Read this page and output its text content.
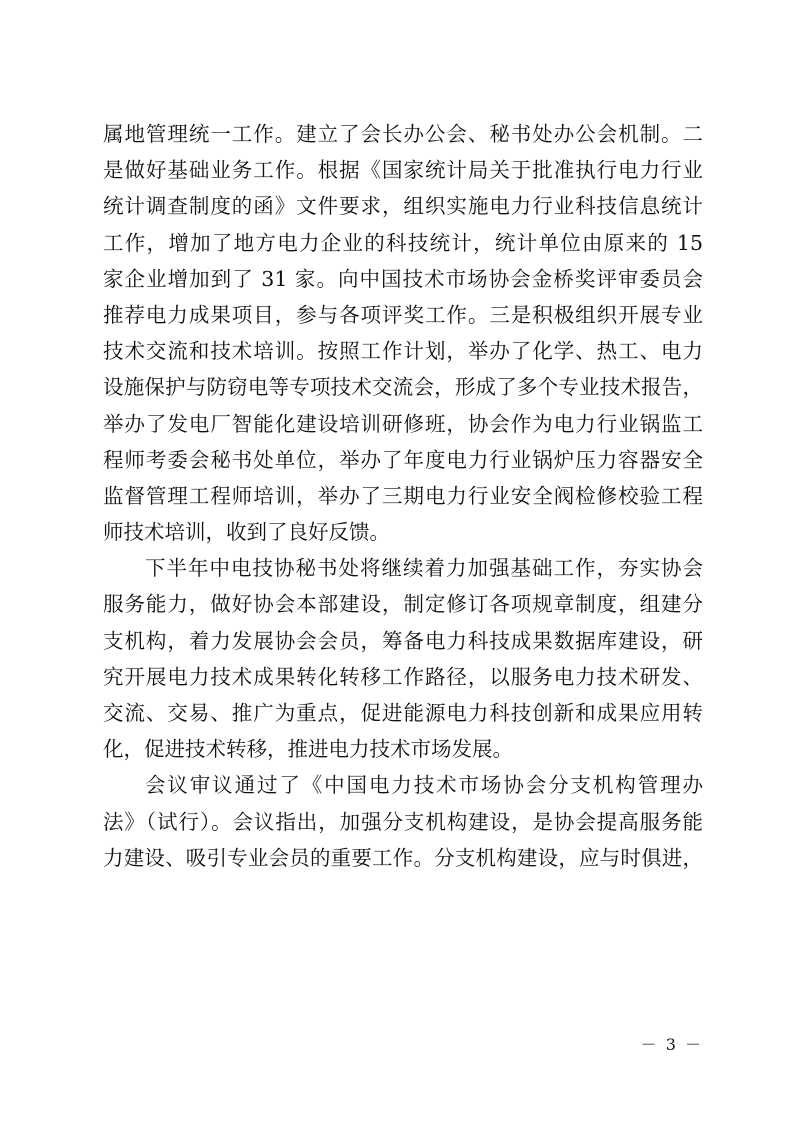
属地管理统一工作。建立了会长办公会、秘书处办公会机制。二
是做好基础业务工作。根据《国家统计局关于批准执行电力行业
统计调查制度的函》文件要求，组织实施电力行业科技信息统计
工作，增加了地方电力企业的科技统计，统计单位由原来的 15
家企业增加到了 31 家。向中国技术市场协会金桥奖评审委员会
推荐电力成果项目，参与各项评奖工作。三是积极组织开展专业
技术交流和技术培训。按照工作计划，举办了化学、热工、电力
设施保护与防窃电等专项技术交流会，形成了多个专业技术报告，
举办了发电厂智能化建设培训研修班，协会作为电力行业锅监工
程师考委会秘书处单位，举办了年度电力行业锅炉压力容器安全
监督管理工程师培训，举办了三期电力行业安全阀检修校验工程
师技术培训，收到了良好反馈。
下半年中电技协秘书处将继续着力加强基础工作，夯实协会
服务能力，做好协会本部建设，制定修订各项规章制度，组建分
支机构，着力发展协会会员，筹备电力科技成果数据库建设，研
究开展电力技术成果转化转移工作路径，以服务电力技术研发、
交流、交易、推广为重点，促进能源电力科技创新和成果应用转
化，促进技术转移，推进电力技术市场发展。
会议审议通过了《中国电力技术市场协会分支机构管理办
法》（试行）。会议指出，加强分支机构建设，是协会提高服务能
力建设、吸引专业会员的重要工作。分支机构建设，应与时俱进，
－ 3 －
